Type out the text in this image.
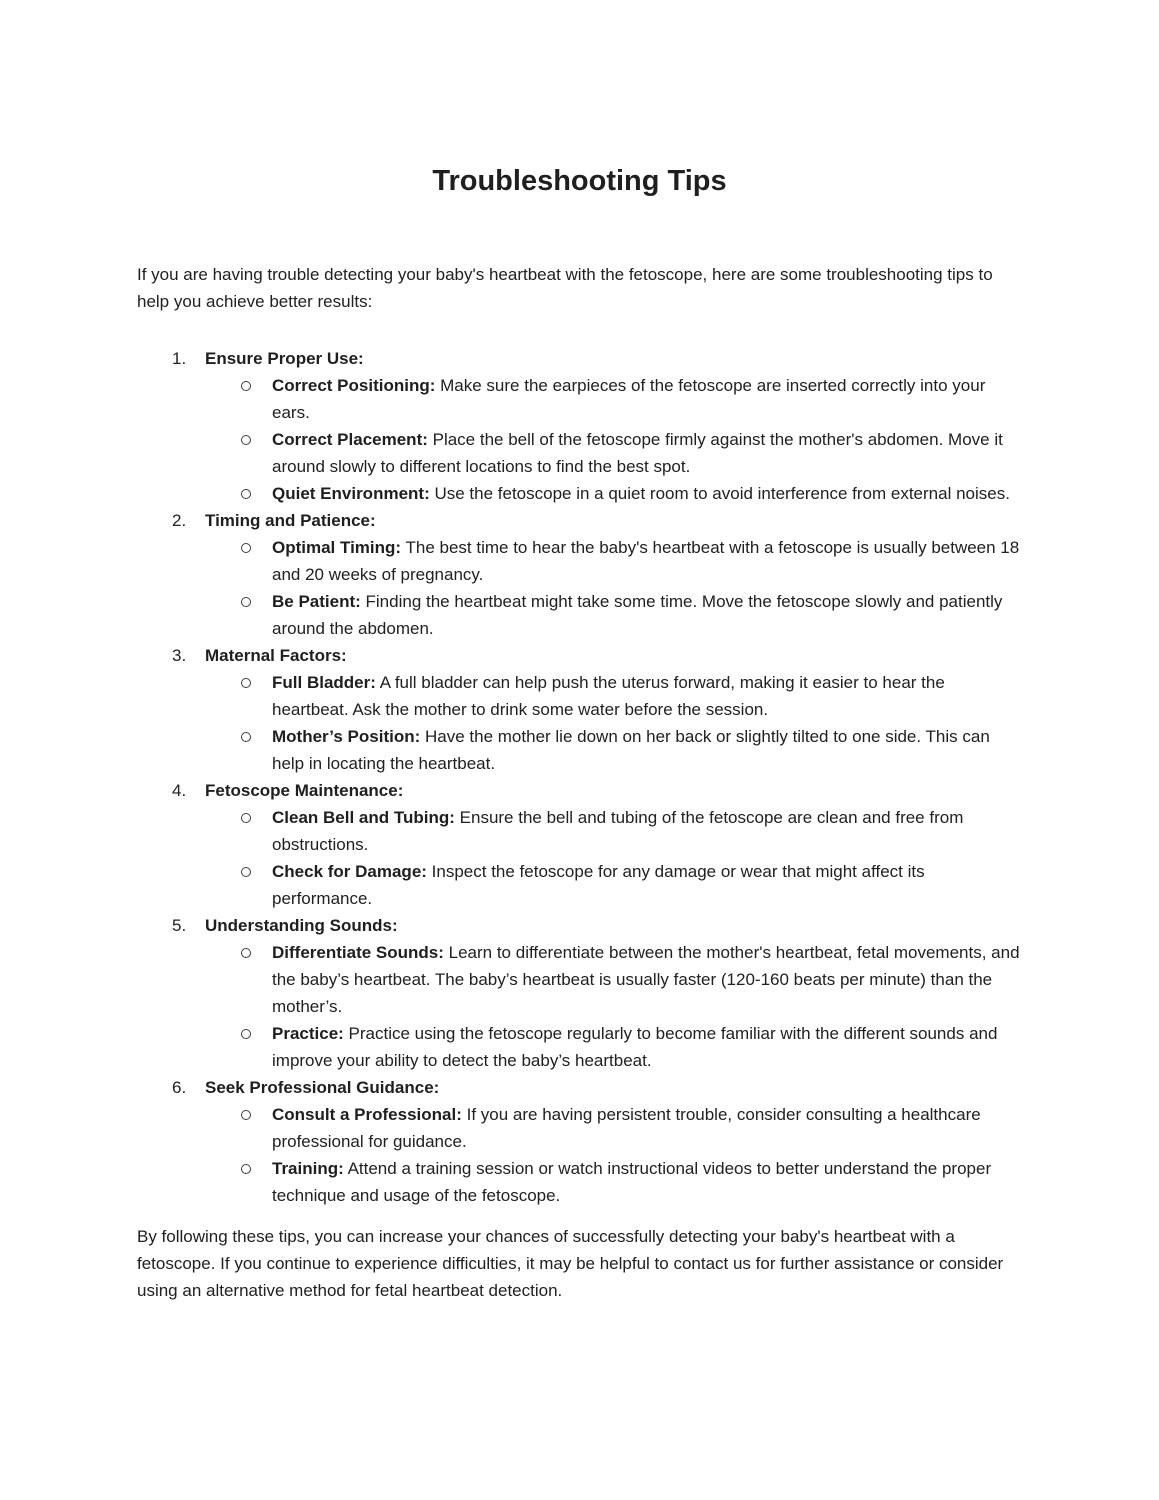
Troubleshooting Tips

If you are having trouble detecting your baby's heartbeat with the fetoscope, here are some troubleshooting tips to help you achieve better results:

1.	Ensure Proper Use:

Correct Positioning: Make sure the earpieces of the fetoscope are inserted correctly into your ears.

Correct Placement: Place the bell of the fetoscope firmly against the mother's abdomen. Move it around slowly to different locations to find the best spot.

Quiet Environment: Use the fetoscope in a quiet room to avoid interference from external noises.

2.	Timing and Patience:

Optimal Timing: The best time to hear the baby's heartbeat with a fetoscope is usually between 18 and 20 weeks of pregnancy.

Be Patient: Finding the heartbeat might take some time. Move the fetoscope slowly and patiently around the abdomen.

3.	Maternal Factors:

Full Bladder: A full bladder can help push the uterus forward, making it easier to hear the heartbeat. Ask the mother to drink some water before the session.

Mother’s Position: Have the mother lie down on her back or slightly tilted to one side. This can help in locating the heartbeat.

4.	Fetoscope Maintenance:

Clean Bell and Tubing: Ensure the bell and tubing of the fetoscope are clean and free from obstructions.

Check for Damage: Inspect the fetoscope for any damage or wear that might affect its performance.

5.	Understanding Sounds:

Differentiate Sounds: Learn to differentiate between the mother's heartbeat, fetal movements, and the baby’s heartbeat. The baby’s heartbeat is usually faster (120-160 beats per minute) than the mother’s.

Practice: Practice using the fetoscope regularly to become familiar with the different sounds and improve your ability to detect the baby’s heartbeat.

6.	Seek Professional Guidance:

Consult a Professional: If you are having persistent trouble, consider consulting a healthcare professional for guidance.

Training: Attend a training session or watch instructional videos to better understand the proper technique and usage of the fetoscope.

By following these tips, you can increase your chances of successfully detecting your baby's heartbeat with a fetoscope. If you continue to experience difficulties, it may be helpful to contact us for further assistance or consider using an alternative method for fetal heartbeat detection.
